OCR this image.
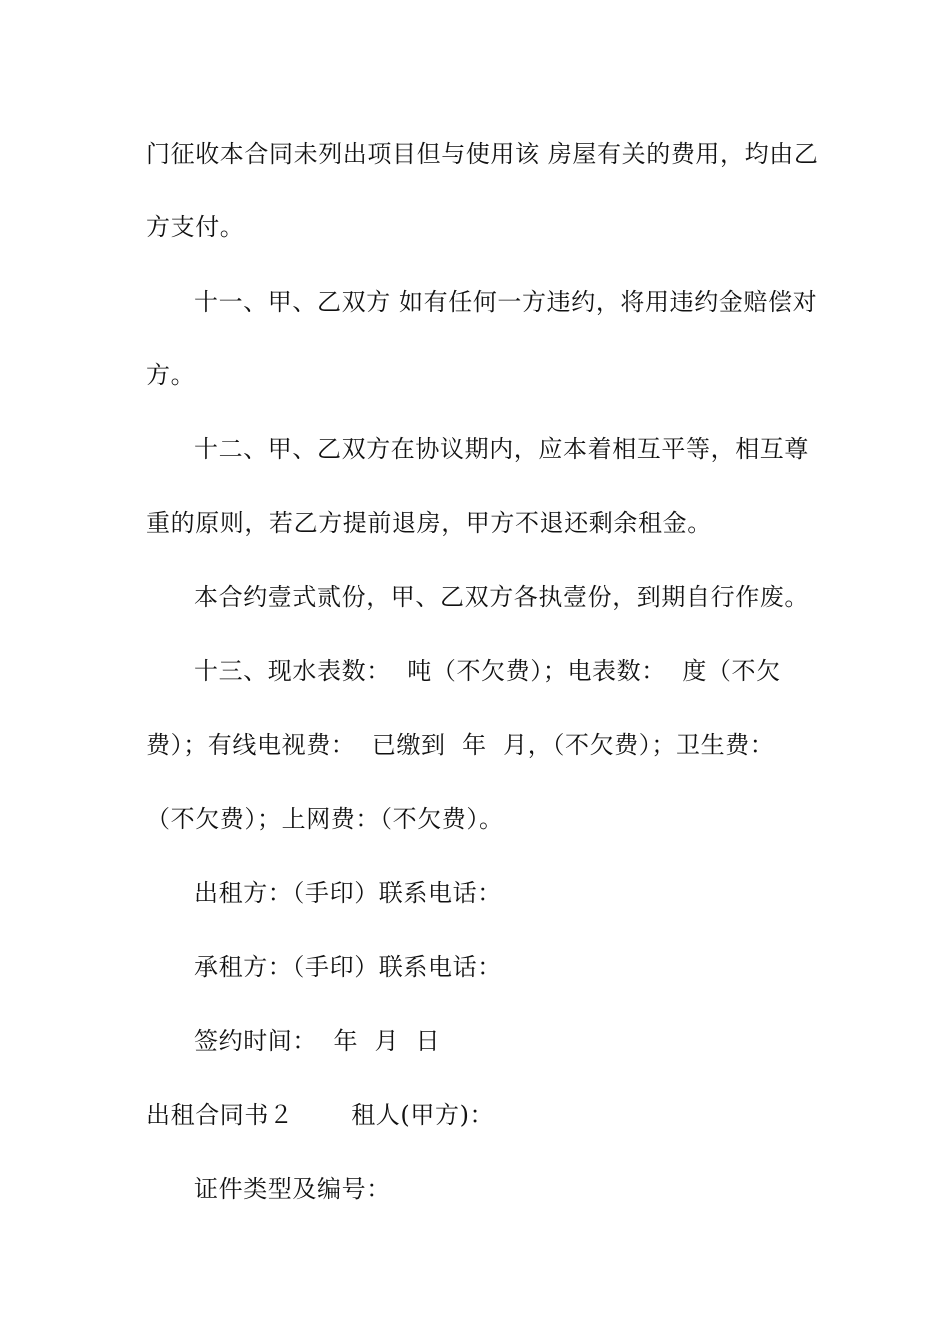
门征收本合同未列出项目但与使用该 房屋有关的费用，均由乙
方支付。
十一、甲、乙双方 如有任何一方违约，将用违约金赔偿对
方。
十二、甲、乙双方在协议期内，应本着相互平等，相互尊
重的原则，若乙方提前退房，甲方不退还剩余租金。
本合约壹式贰份，甲、乙双方各执壹份，到期自行作废。
十三、现水表数：  吨（不欠费）；电表数：  度（不欠
费）；有线电视费：  已缴到  年  月，（不欠费）；卫生费：
（不欠费）；上网费：（不欠费）。
出租方：（手印）联系电话：
承租方：（手印）联系电话：
签约时间：  年  月  日
出租合同书２       租人(甲方)：
证件类型及编号：
